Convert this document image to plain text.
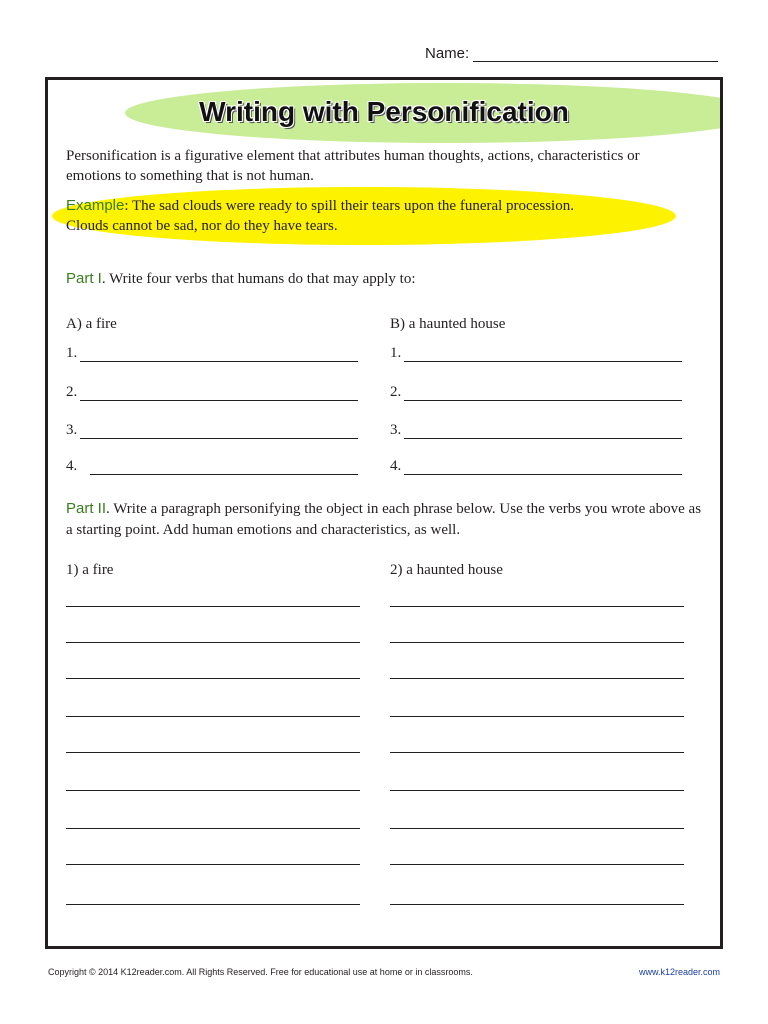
Name:
Writing with Personification
Personification is a figurative element that attributes human thoughts, actions, characteristics or emotions to something that is not human.
Example: The sad clouds were ready to spill their tears upon the funeral procession.
Clouds cannot be sad, nor do they have tears.
Part I. Write four verbs that humans do that may apply to:
A) a fire	B) a haunted house
1.	1.
2.	2.
3.	3.
4.	4.
Part II. Write a paragraph personifying the object in each phrase below. Use the verbs you wrote above as a starting point. Add human emotions and characteristics, as well.
1) a fire	2) a haunted house
Copyright © 2014 K12reader.com. All Rights Reserved. Free for educational use at home or in classrooms.	www.k12reader.com
